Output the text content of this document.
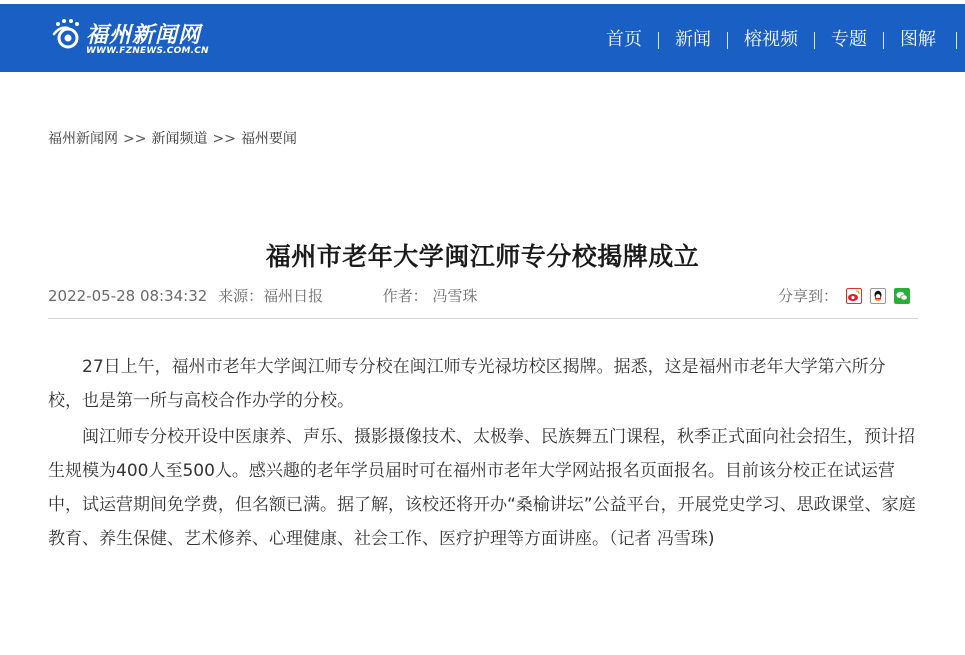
福州新闻网
WWW.FZNEWS.COM.CN
首页	新闻	榕视频	专题	图解
福州新闻网 >> 新闻频道 >> 福州要闻
福州市老年大学闽江师专分校揭牌成立
2022-05-28 08:34:32 来源：福州日报	作者： 冯雪珠	分享到：

27日上午，福州市老年大学闽江师专分校在闽江师专光禄坊校区揭牌。据悉，这是福州市老年大学第六所分校，也是第一所与高校合作办学的分校。

闽江师专分校开设中医康养、声乐、摄影摄像技术、太极拳、民族舞五门课程，秋季正式面向社会招生，预计招生规模为400人至500人。感兴趣的老年学员届时可在福州市老年大学网站报名页面报名。目前该分校正在试运营中，试运营期间免学费，但名额已满。据了解，该校还将开办“桑榆讲坛”公益平台，开展党史学习、思政课堂、家庭教育、养生保健、艺术修养、心理健康、社会工作、医疗护理等方面讲座。（记者 冯雪珠)
